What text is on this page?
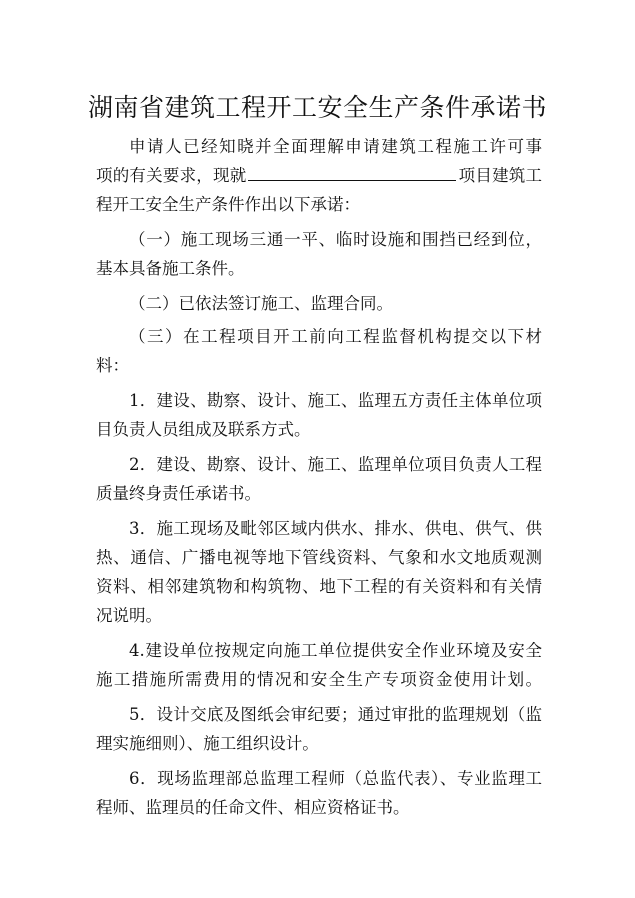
湖南省建筑工程开工安全生产条件承诺书
申请人已经知晓并全面理解申请建筑工程施工许可事
项的有关要求，现就	项目建筑工
程开工安全生产条件作出以下承诺：
（一）施工现场三通一平、临时设施和围挡已经到位，
基本具备施工条件。
（二）已依法签订施工、监理合同。
（三）在工程项目开工前向工程监督机构提交以下材
料：
1．建设、勘察、设计、施工、监理五方责任主体单位项
目负责人员组成及联系方式。
2．建设、勘察、设计、施工、监理单位项目负责人工程
质量终身责任承诺书。
3．施工现场及毗邻区域内供水、排水、供电、供气、供
热、通信、广播电视等地下管线资料、气象和水文地质观测
资料、相邻建筑物和构筑物、地下工程的有关资料和有关情
况说明。
4.建设单位按规定向施工单位提供安全作业环境及安全
施工措施所需费用的情况和安全生产专项资金使用计划。
5．设计交底及图纸会审纪要；通过审批的监理规划（监
理实施细则）、施工组织设计。
6．现场监理部总监理工程师（总监代表）、专业监理工
程师、监理员的任命文件、相应资格证书。
